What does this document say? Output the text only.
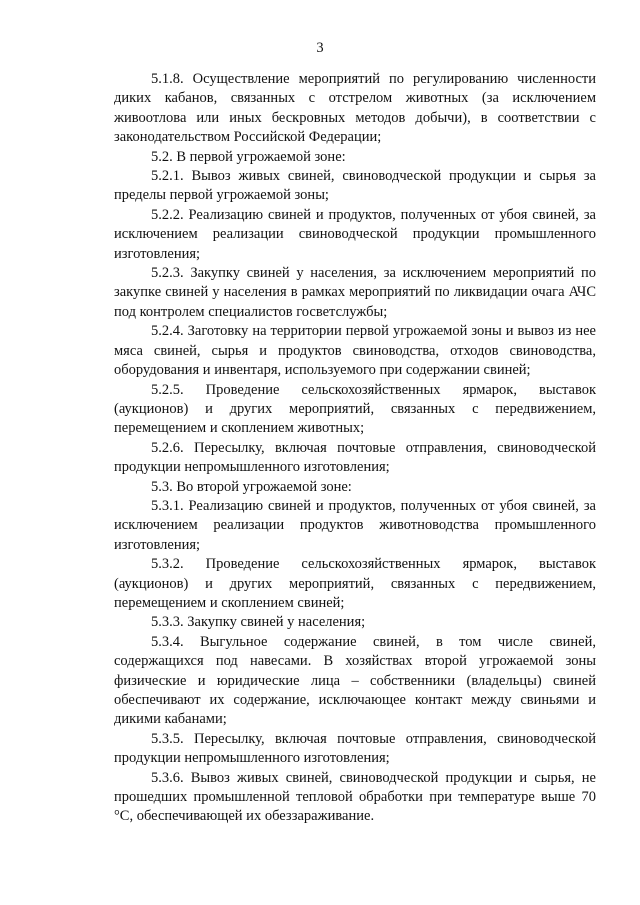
3

5.1.8. Осуществление мероприятий по регулированию численности диких кабанов, связанных с отстрелом животных (за исключением живоотлова или иных бескровных методов добычи), в соответствии с законодательством Российской Федерации;

5.2. В первой угрожаемой зоне:

5.2.1. Вывоз живых свиней, свиноводческой продукции и сырья за пределы первой угрожаемой зоны;

5.2.2. Реализацию свиней и продуктов, полученных от убоя свиней, за исключением реализации свиноводческой продукции промышленного изготовления;

5.2.3. Закупку свиней у населения, за исключением мероприятий по закупке свиней у населения в рамках мероприятий по ликвидации очага АЧС под контролем специалистов госветслужбы;

5.2.4. Заготовку на территории первой угрожаемой зоны и вывоз из нее мяса свиней, сырья и продуктов свиноводства, отходов свиноводства, оборудования и инвентаря, используемого при содержании свиней;

5.2.5. Проведение сельскохозяйственных ярмарок, выставок (аукционов) и других мероприятий, связанных с передвижением, перемещением и скоплением животных;

5.2.6. Пересылку, включая почтовые отправления, свиноводческой продукции непромышленного изготовления;

5.3. Во второй угрожаемой зоне:

5.3.1. Реализацию свиней и продуктов, полученных от убоя свиней, за исключением реализации продуктов животноводства промышленного изготовления;

5.3.2. Проведение сельскохозяйственных ярмарок, выставок (аукционов) и других мероприятий, связанных с передвижением, перемещением и скоплением свиней;

5.3.3. Закупку свиней у населения;

5.3.4. Выгульное содержание свиней, в том числе свиней, содержащихся под навесами. В хозяйствах второй угрожаемой зоны физические и юридические лица – собственники (владельцы) свиней обеспечивают их содержание, исключающее контакт между свиньями и дикими кабанами;

5.3.5. Пересылку, включая почтовые отправления, свиноводческой продукции непромышленного изготовления;

5.3.6. Вывоз живых свиней, свиноводческой продукции и сырья, не прошедших промышленной тепловой обработки при температуре выше 70 °С, обеспечивающей их обеззараживание.
